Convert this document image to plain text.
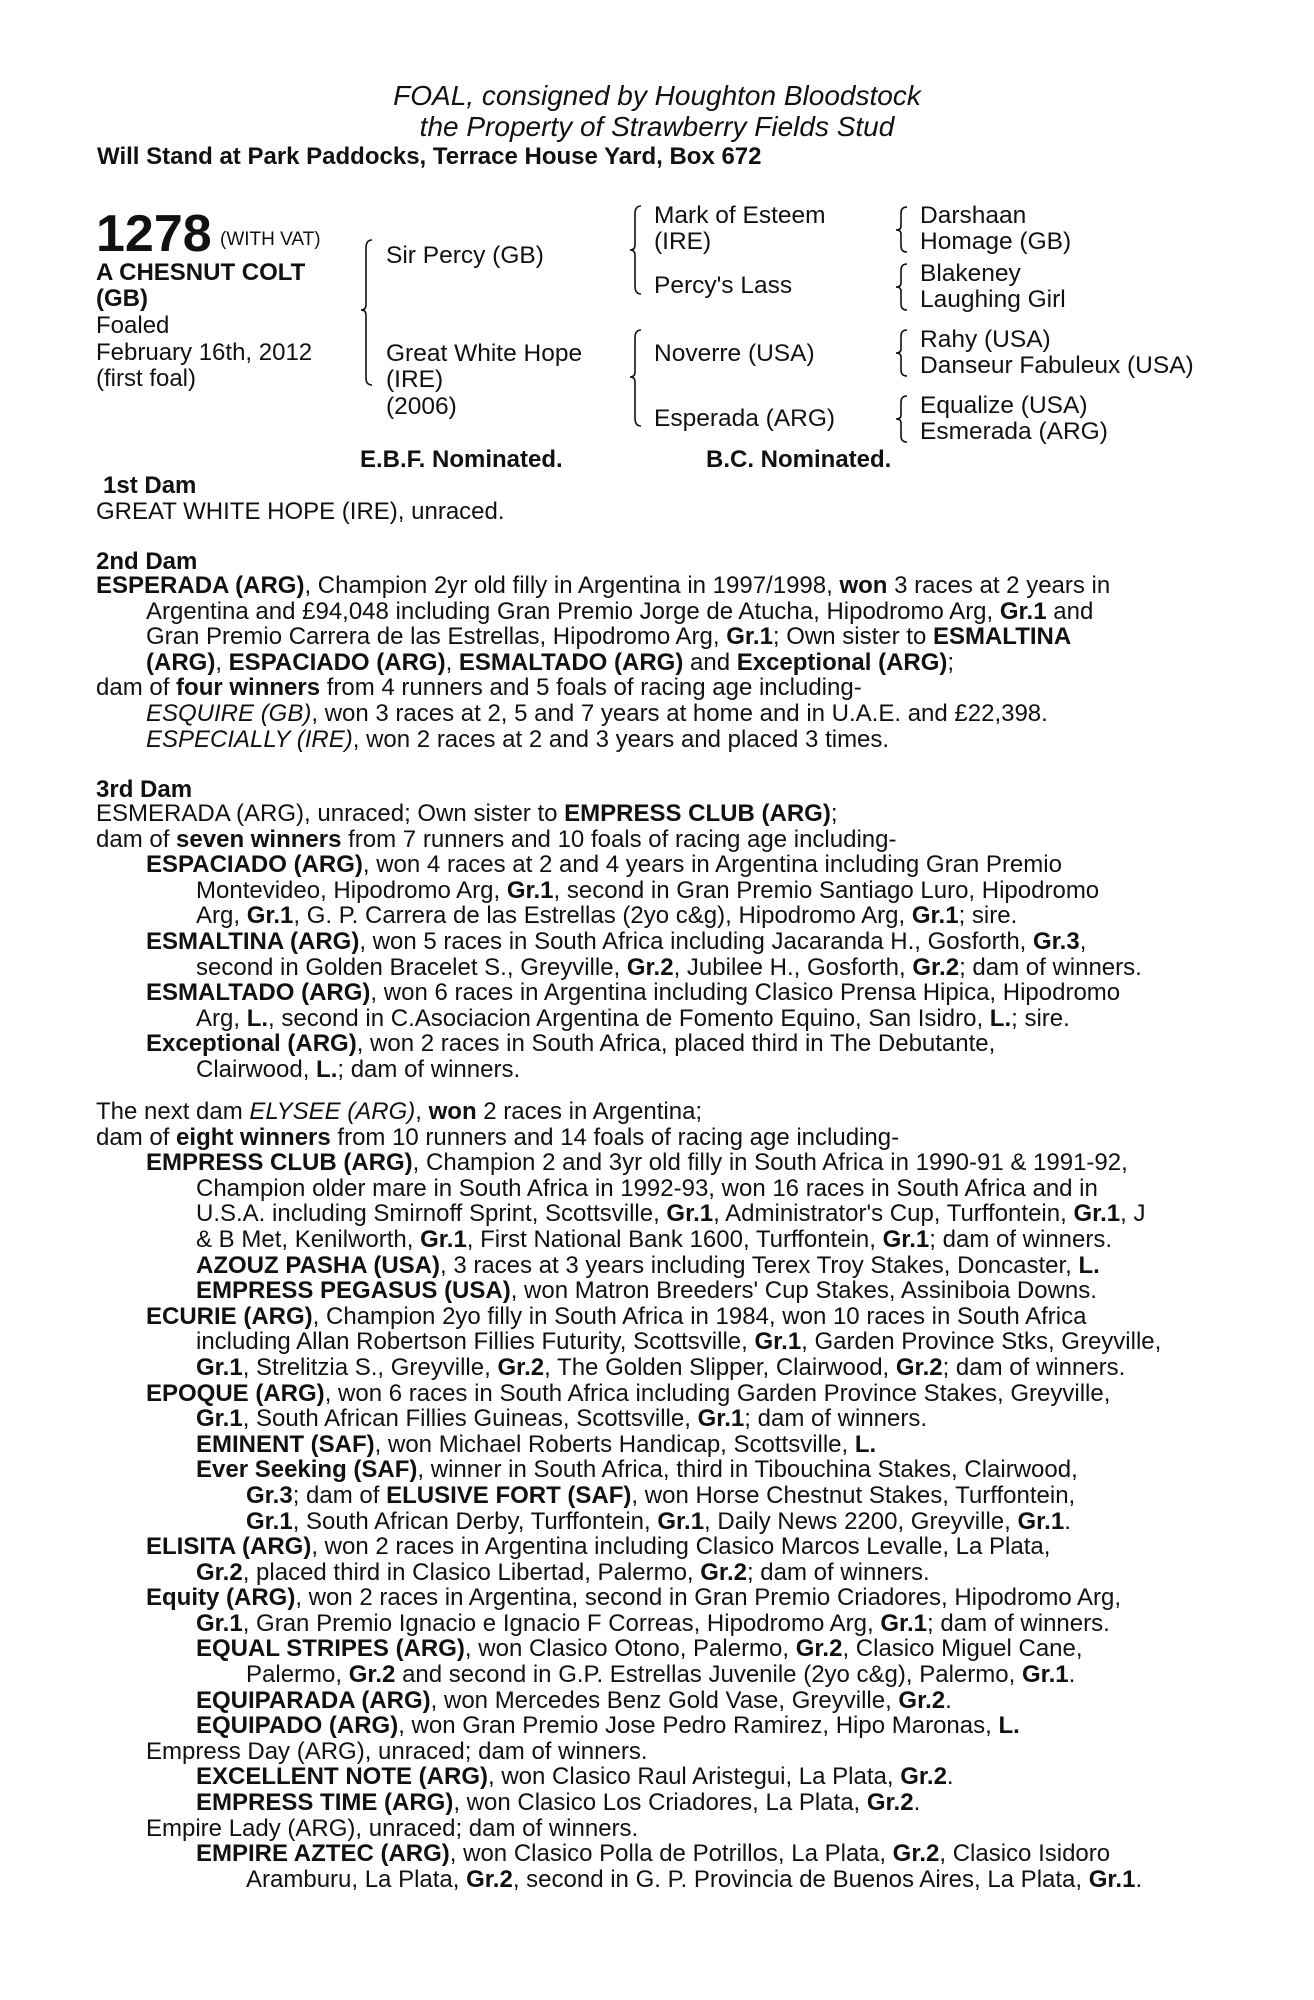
FOAL, consigned by Houghton Bloodstock
the Property of Strawberry Fields Stud
Will Stand at Park Paddocks, Terrace House Yard, Box 672
1278 (WITH VAT)
A CHESNUT COLT
(GB)
Foaled
February 16th, 2012
(first foal)
Sir Percy (GB)
Great White Hope
(IRE)
(2006)
Mark of Esteem
(IRE)
Percy's Lass
Noverre (USA)
Esperada (ARG)
Darshaan
Homage (GB)
Blakeney
Laughing Girl
Rahy (USA)
Danseur Fabuleux (USA)
Equalize (USA)
Esmerada (ARG)
E.B.F. Nominated.	B.C. Nominated.
1st Dam
GREAT WHITE HOPE (IRE), unraced.
2nd Dam
ESPERADA (ARG), Champion 2yr old filly in Argentina in 1997/1998, won 3 races at 2 years in
Argentina and £94,048 including Gran Premio Jorge de Atucha, Hipodromo Arg, Gr.1 and
Gran Premio Carrera de las Estrellas, Hipodromo Arg, Gr.1; Own sister to ESMALTINA
(ARG), ESPACIADO (ARG), ESMALTADO (ARG) and Exceptional (ARG);
dam of four winners from 4 runners and 5 foals of racing age including-
ESQUIRE (GB), won 3 races at 2, 5 and 7 years at home and in U.A.E. and £22,398.
ESPECIALLY (IRE), won 2 races at 2 and 3 years and placed 3 times.
3rd Dam
ESMERADA (ARG), unraced; Own sister to EMPRESS CLUB (ARG);
dam of seven winners from 7 runners and 10 foals of racing age including-
ESPACIADO (ARG), won 4 races at 2 and 4 years in Argentina including Gran Premio
Montevideo, Hipodromo Arg, Gr.1, second in Gran Premio Santiago Luro, Hipodromo
Arg, Gr.1, G. P. Carrera de las Estrellas (2yo c&g), Hipodromo Arg, Gr.1; sire.
ESMALTINA (ARG), won 5 races in South Africa including Jacaranda H., Gosforth, Gr.3,
second in Golden Bracelet S., Greyville, Gr.2, Jubilee H., Gosforth, Gr.2; dam of winners.
ESMALTADO (ARG), won 6 races in Argentina including Clasico Prensa Hipica, Hipodromo
Arg, L., second in C.Asociacion Argentina de Fomento Equino, San Isidro, L.; sire.
Exceptional (ARG), won 2 races in South Africa, placed third in The Debutante,
Clairwood, L.; dam of winners.
The next dam ELYSEE (ARG), won 2 races in Argentina;
dam of eight winners from 10 runners and 14 foals of racing age including-
EMPRESS CLUB (ARG), Champion 2 and 3yr old filly in South Africa in 1990-91 & 1991-92,
Champion older mare in South Africa in 1992-93, won 16 races in South Africa and in
U.S.A. including Smirnoff Sprint, Scottsville, Gr.1, Administrator's Cup, Turffontein, Gr.1, J
& B Met, Kenilworth, Gr.1, First National Bank 1600, Turffontein, Gr.1; dam of winners.
AZOUZ PASHA (USA), 3 races at 3 years including Terex Troy Stakes, Doncaster, L.
EMPRESS PEGASUS (USA), won Matron Breeders' Cup Stakes, Assiniboia Downs.
ECURIE (ARG), Champion 2yo filly in South Africa in 1984, won 10 races in South Africa
including Allan Robertson Fillies Futurity, Scottsville, Gr.1, Garden Province Stks, Greyville,
Gr.1, Strelitzia S., Greyville, Gr.2, The Golden Slipper, Clairwood, Gr.2; dam of winners.
EPOQUE (ARG), won 6 races in South Africa including Garden Province Stakes, Greyville,
Gr.1, South African Fillies Guineas, Scottsville, Gr.1; dam of winners.
EMINENT (SAF), won Michael Roberts Handicap, Scottsville, L.
Ever Seeking (SAF), winner in South Africa, third in Tibouchina Stakes, Clairwood,
Gr.3; dam of ELUSIVE FORT (SAF), won Horse Chestnut Stakes, Turffontein,
Gr.1, South African Derby, Turffontein, Gr.1, Daily News 2200, Greyville, Gr.1.
ELISITA (ARG), won 2 races in Argentina including Clasico Marcos Levalle, La Plata,
Gr.2, placed third in Clasico Libertad, Palermo, Gr.2; dam of winners.
Equity (ARG), won 2 races in Argentina, second in Gran Premio Criadores, Hipodromo Arg,
Gr.1, Gran Premio Ignacio e Ignacio F Correas, Hipodromo Arg, Gr.1; dam of winners.
EQUAL STRIPES (ARG), won Clasico Otono, Palermo, Gr.2, Clasico Miguel Cane,
Palermo, Gr.2 and second in G.P. Estrellas Juvenile (2yo c&g), Palermo, Gr.1.
EQUIPARADA (ARG), won Mercedes Benz Gold Vase, Greyville, Gr.2.
EQUIPADO (ARG), won Gran Premio Jose Pedro Ramirez, Hipo Maronas, L.
Empress Day (ARG), unraced; dam of winners.
EXCELLENT NOTE (ARG), won Clasico Raul Aristegui, La Plata, Gr.2.
EMPRESS TIME (ARG), won Clasico Los Criadores, La Plata, Gr.2.
Empire Lady (ARG), unraced; dam of winners.
EMPIRE AZTEC (ARG), won Clasico Polla de Potrillos, La Plata, Gr.2, Clasico Isidoro
Aramburu, La Plata, Gr.2, second in G. P. Provincia de Buenos Aires, La Plata, Gr.1.
